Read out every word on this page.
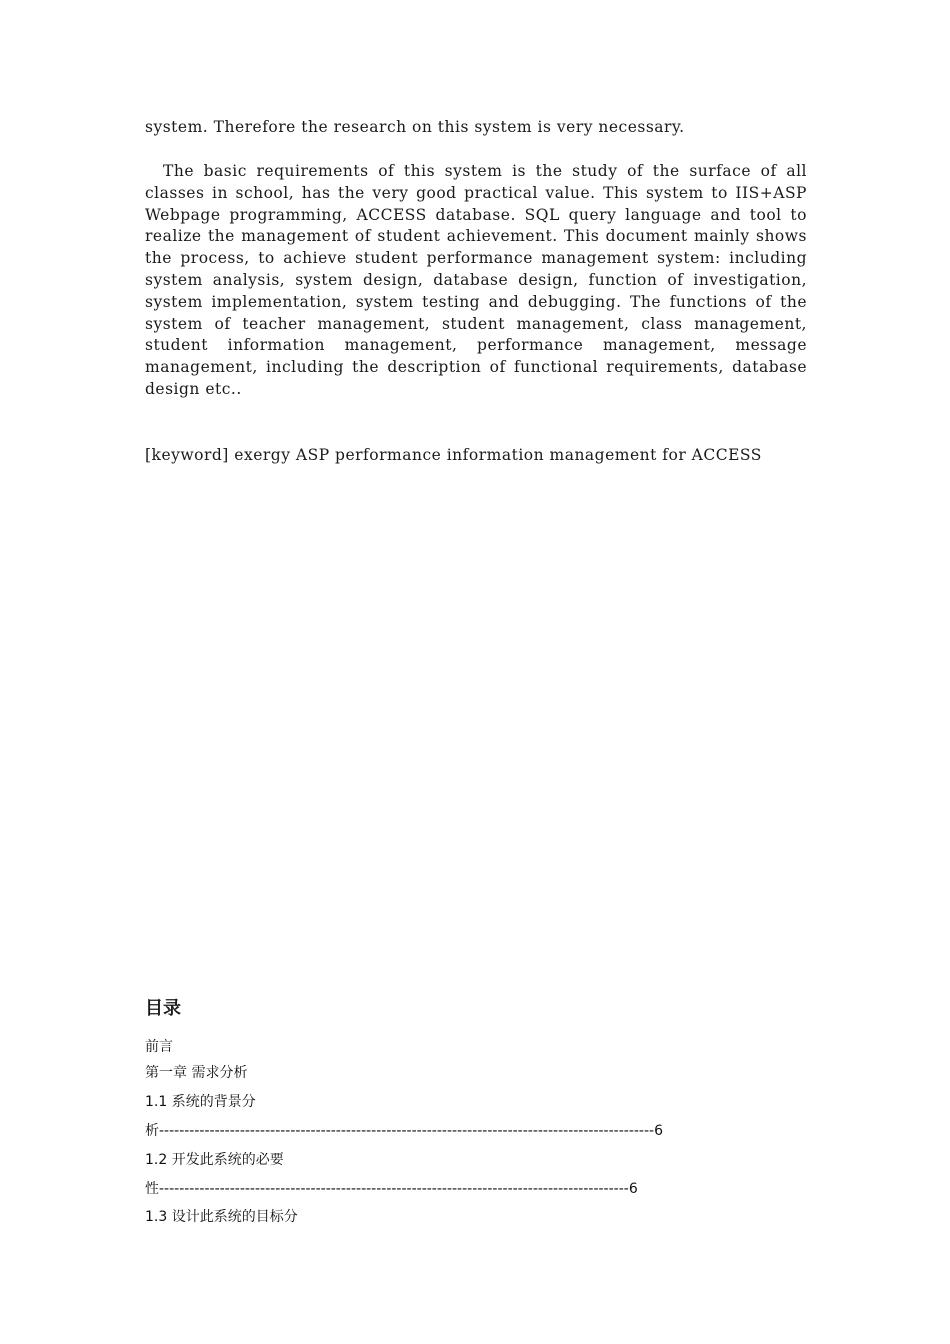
system. Therefore the research on this system is very necessary.

The basic requirements of this system is the study of the surface of all classes in school, has the very good practical value. This system to IIS+ASP Webpage programming, ACCESS database. SQL query language and tool to realize the management of student achievement. This document mainly shows the process, to achieve student performance management system: including system analysis, system design, database design, function of investigation, system implementation, system testing and debugging. The functions of the system of teacher management, student management, class management, student information management, performance management, message management, including the description of functional requirements, database design etc..

[keyword] exergy ASP performance information management for ACCESS

目录

前言

第一章 需求分析

1.1 系统的背景分

析--------------------------------------------------------------------------------------------------6

1.2 开发此系统的必要

性---------------------------------------------------------------------------------------------6

1.3 设计此系统的目标分
